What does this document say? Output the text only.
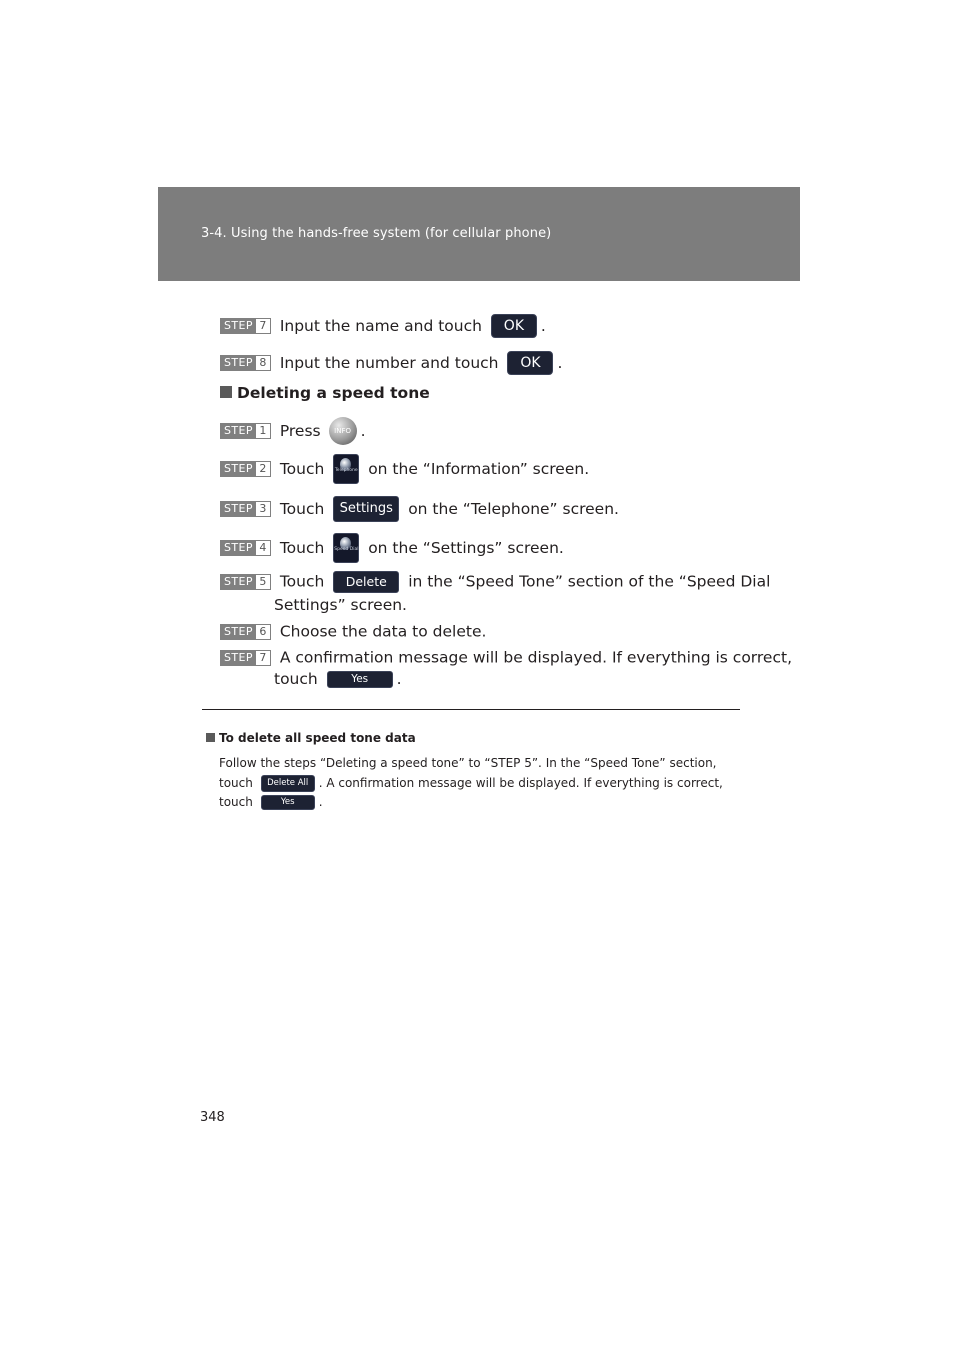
3-4. Using the hands-free system (for cellular phone)
STEP 7 Input the name and touch OK .
STEP 8 Input the number and touch OK .
Deleting a speed tone
STEP 1 Press INFO .
STEP 2 Touch Telephone on the “Information” screen.
STEP 3 Touch Settings on the “Telephone” screen.
STEP 4 Touch Speed Dial on the “Settings” screen.
STEP 5 Touch Delete in the “Speed Tone” section of the “Speed Dial
Settings” screen.
STEP 6 Choose the data to delete.
STEP 7 A confirmation message will be displayed. If everything is correct,
touch	Yes .
To delete all speed tone data
Follow the steps “Deleting a speed tone” to “STEP 5”. In the “Speed Tone” section,
touch Delete All . A confirmation message will be displayed. If everything is correct,
touch	Yes .
348
